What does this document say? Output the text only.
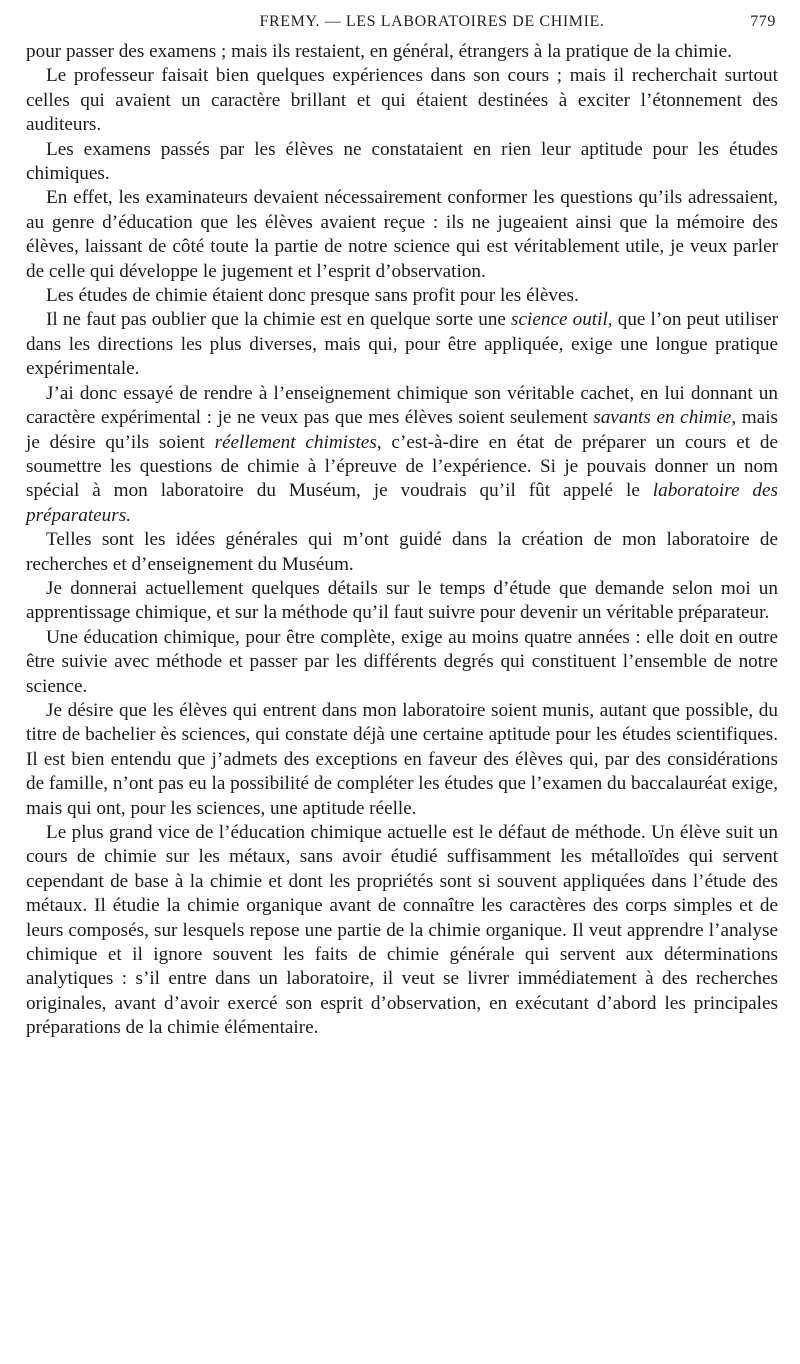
FREMY. — LES LABORATOIRES DE CHIMIE.	779

pour passer des examens ; mais ils restaient, en général, étrangers à la pratique de la chimie.

Le professeur faisait bien quelques expériences dans son cours ; mais il recherchait surtout celles qui avaient un caractère brillant et qui étaient destinées à exciter l’étonnement des auditeurs.

Les examens passés par les élèves ne constataient en rien leur aptitude pour les études chimiques.

En effet, les examinateurs devaient nécessairement conformer les questions qu’ils adressaient, au genre d’éducation que les élèves avaient reçue : ils ne jugeaient ainsi que la mémoire des élèves, laissant de côté toute la partie de notre science qui est véritablement utile, je veux parler de celle qui développe le jugement et l’esprit d’observation.

Les études de chimie étaient donc presque sans profit pour les élèves.

Il ne faut pas oublier que la chimie est en quelque sorte une science outil, que l’on peut utiliser dans les directions les plus diverses, mais qui, pour être appliquée, exige une longue pratique expérimentale.

J’ai donc essayé de rendre à l’enseignement chimique son véritable cachet, en lui donnant un caractère expérimental : je ne veux pas que mes élèves soient seulement savants en chimie, mais je désire qu’ils soient réellement chimistes, c’est-à-dire en état de préparer un cours et de soumettre les questions de chimie à l’épreuve de l’expérience. Si je pouvais donner un nom spécial à mon laboratoire du Muséum, je voudrais qu’il fût appelé le laboratoire des préparateurs.

Telles sont les idées générales qui m’ont guidé dans la création de mon laboratoire de recherches et d’enseignement du Muséum.

Je donnerai actuellement quelques détails sur le temps d’étude que demande selon moi un apprentissage chimique, et sur la méthode qu’il faut suivre pour devenir un véritable préparateur.

Une éducation chimique, pour être complète, exige au moins quatre années : elle doit en outre être suivie avec méthode et passer par les différents degrés qui constituent l’ensemble de notre science.

Je désire que les élèves qui entrent dans mon laboratoire soient munis, autant que possible, du titre de bachelier ès sciences, qui constate déjà une certaine aptitude pour les études scientifiques. Il est bien entendu que j’admets des exceptions en faveur des élèves qui, par des considérations de famille, n’ont pas eu la possibilité de compléter les études que l’examen du baccalauréat exige, mais qui ont, pour les sciences, une aptitude réelle.

Le plus grand vice de l’éducation chimique actuelle est le défaut de méthode. Un élève suit un cours de chimie sur les métaux, sans avoir étudié suffisamment les métalloïdes qui servent cependant de base à la chimie et dont les propriétés sont si souvent appliquées dans l’étude des métaux. Il étudie la chimie organique avant de connaître les caractères des corps simples et de leurs composés, sur lesquels repose une partie de la chimie organique. Il veut apprendre l’analyse chimique et il ignore souvent les faits de chimie générale qui servent aux déterminations analytiques : s’il entre dans un laboratoire, il veut se livrer immédiatement à des recherches originales, avant d’avoir exercé son esprit d’observation, en exécutant d’abord les principales préparations de la chimie élémentaire.
